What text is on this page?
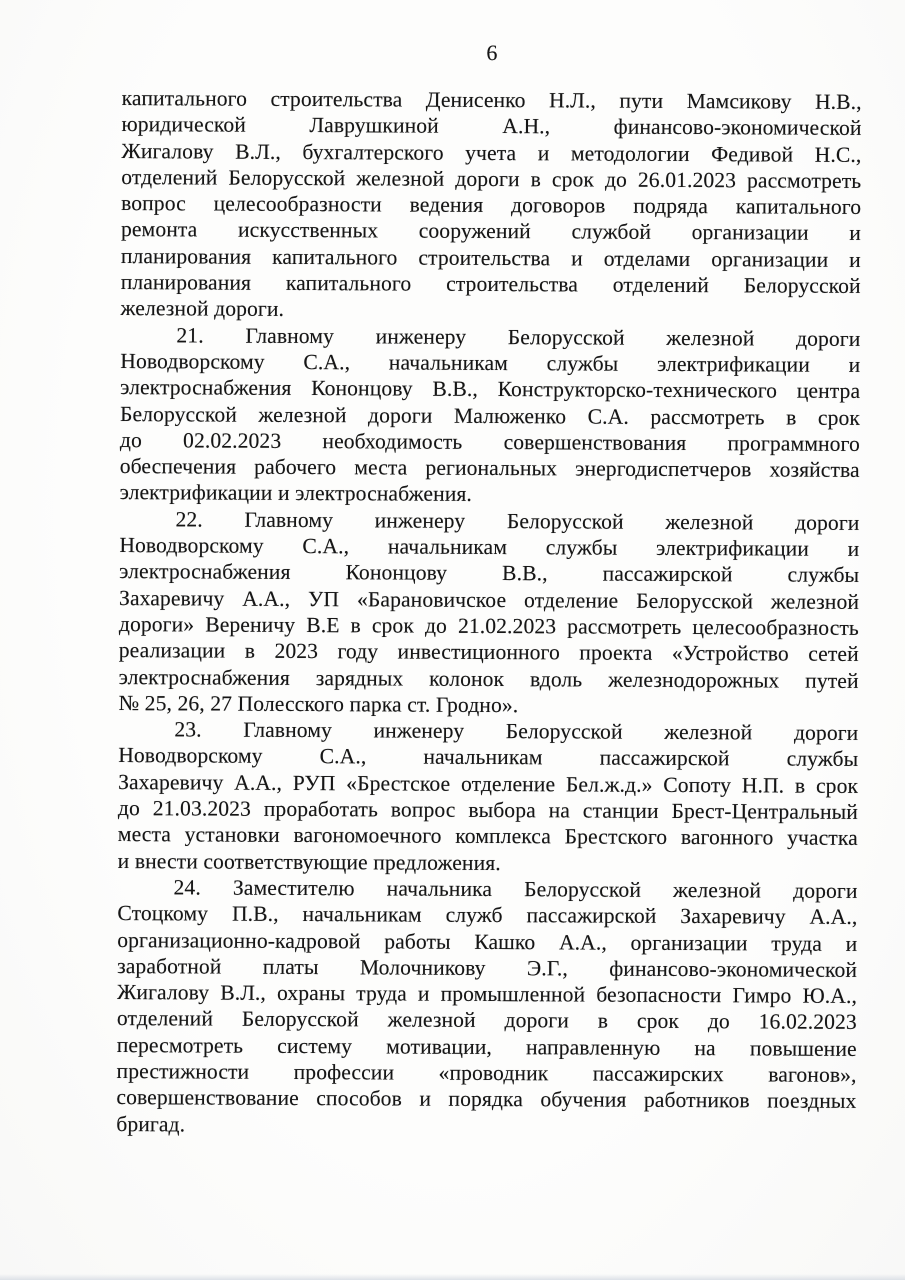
6
капитального строительства Денисенко Н.Л., пути Мамсикову Н.В.,
юридической Лаврушкиной А.Н., финансово-экономической
Жигалову В.Л., бухгалтерского учета и методологии Федивой Н.С.,
отделений Белорусской железной дороги в срок до 26.01.2023 рассмотреть
вопрос целесообразности ведения договоров подряда капитального
ремонта искусственных сооружений службой организации и
планирования капитального строительства и отделами организации и
планирования капитального строительства отделений Белорусской
железной дороги.
21. Главному инженеру Белорусской железной дороги
Новодворскому С.А., начальникам службы электрификации и
электроснабжения Кононцову В.В., Конструкторско-технического центра
Белорусской железной дороги Малюженко С.А. рассмотреть в срок
до 02.02.2023 необходимость совершенствования программного
обеспечения рабочего места региональных энергодиспетчеров хозяйства
электрификации и электроснабжения.
22. Главному инженеру Белорусской железной дороги
Новодворскому С.А., начальникам службы электрификации и
электроснабжения Кононцову В.В., пассажирской службы
Захаревичу А.А., УП «Барановичское отделение Белорусской железной
дороги» Вереничу В.Е в срок до 21.02.2023 рассмотреть целесообразность
реализации в 2023 году инвестиционного проекта «Устройство сетей
электроснабжения зарядных колонок вдоль железнодорожных путей
№ 25, 26, 27 Полесского парка ст. Гродно».
23. Главному инженеру Белорусской железной дороги
Новодворскому С.А., начальникам пассажирской службы
Захаревичу А.А., РУП «Брестское отделение Бел.ж.д.» Сопоту Н.П. в срок
до 21.03.2023 проработать вопрос выбора на станции Брест-Центральный
места установки вагономоечного комплекса Брестского вагонного участка
и внести соответствующие предложения.
24. Заместителю начальника Белорусской железной дороги
Стоцкому П.В., начальникам служб пассажирской Захаревичу А.А.,
организационно-кадровой работы Кашко А.А., организации труда и
заработной платы Молочникову Э.Г., финансово-экономической
Жигалову В.Л., охраны труда и промышленной безопасности Гимро Ю.А.,
отделений Белорусской железной дороги в срок до 16.02.2023
пересмотреть систему мотивации, направленную на повышение
престижности профессии «проводник пассажирских вагонов»,
совершенствование способов и порядка обучения работников поездных
бригад.
